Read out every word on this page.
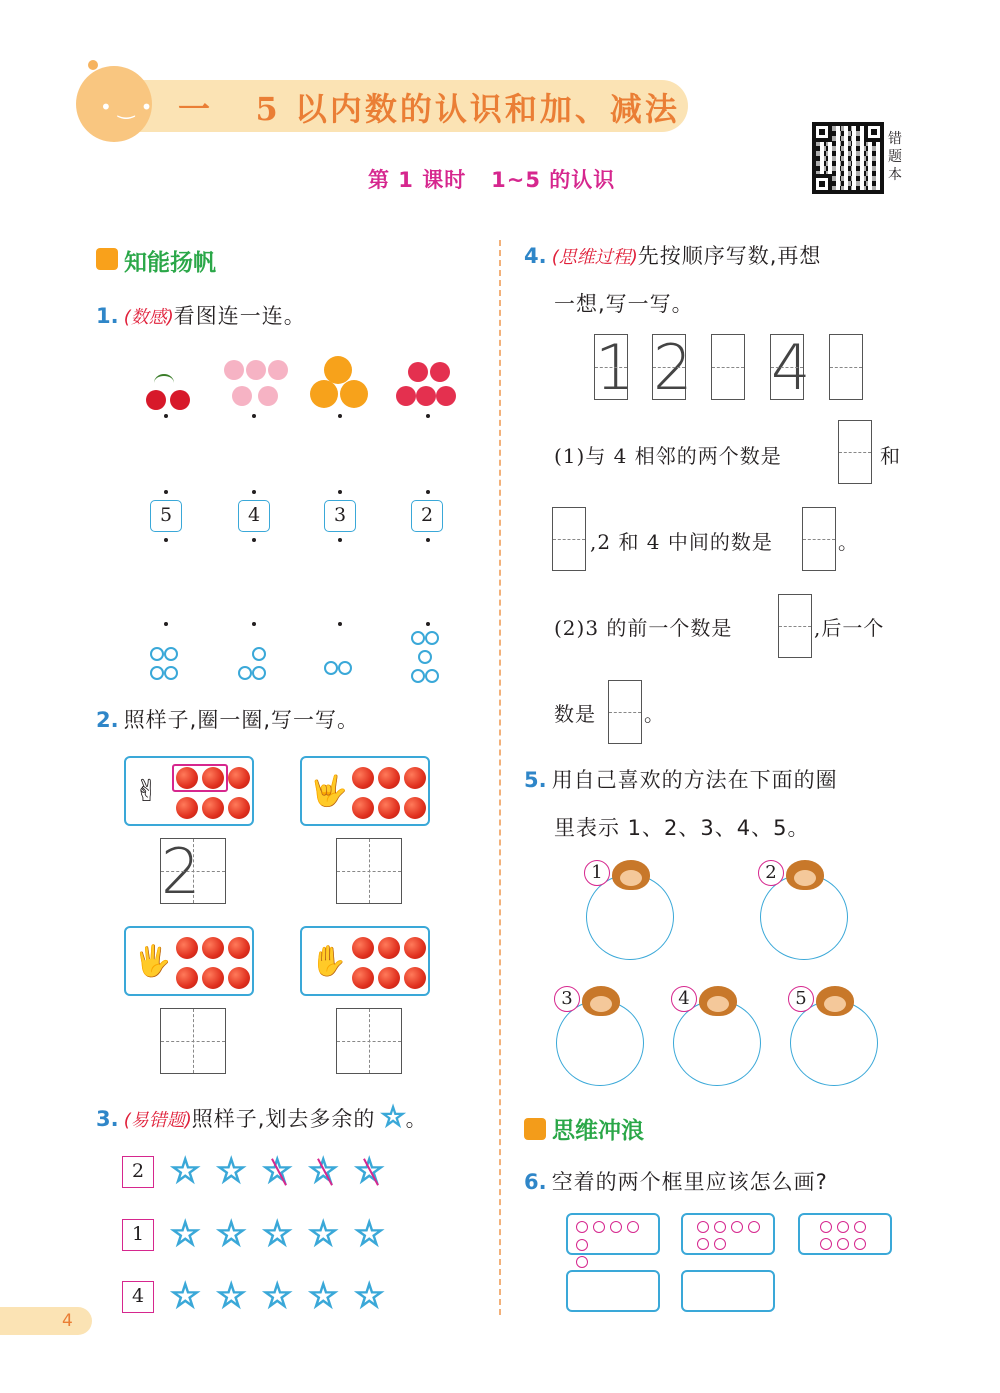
• ‿ • 一 5 以内数的认识和加、减法
第 1 课时 1~5 的认识
错题本
知能扬帆
1. (数感)看图连一连。
5	4	3	2
2. 照样子,圈一圈,写一写。
✌
2
🤟
🖐	✋
3. (易错题)照样子,划去多余的 ☆。
2 ☆ ☆ ☆ ☆ ☆
1 ☆ ☆ ☆ ☆ ☆
4 ☆ ☆ ☆ ☆ ☆
4. (思维过程)先按顺序写数,再想
一想,写一写。
1 2 4
(1)与 4 相邻的两个数是	和
,2 和 4 中间的数是	。
(2)3 的前一个数是	,后一个
数是 。
5. 用自己喜欢的方法在下面的圈
里表示 1、2、3、4、5。
1	2
3	4	5
思维冲浪
6. 空着的两个框里应该怎么画?
4
